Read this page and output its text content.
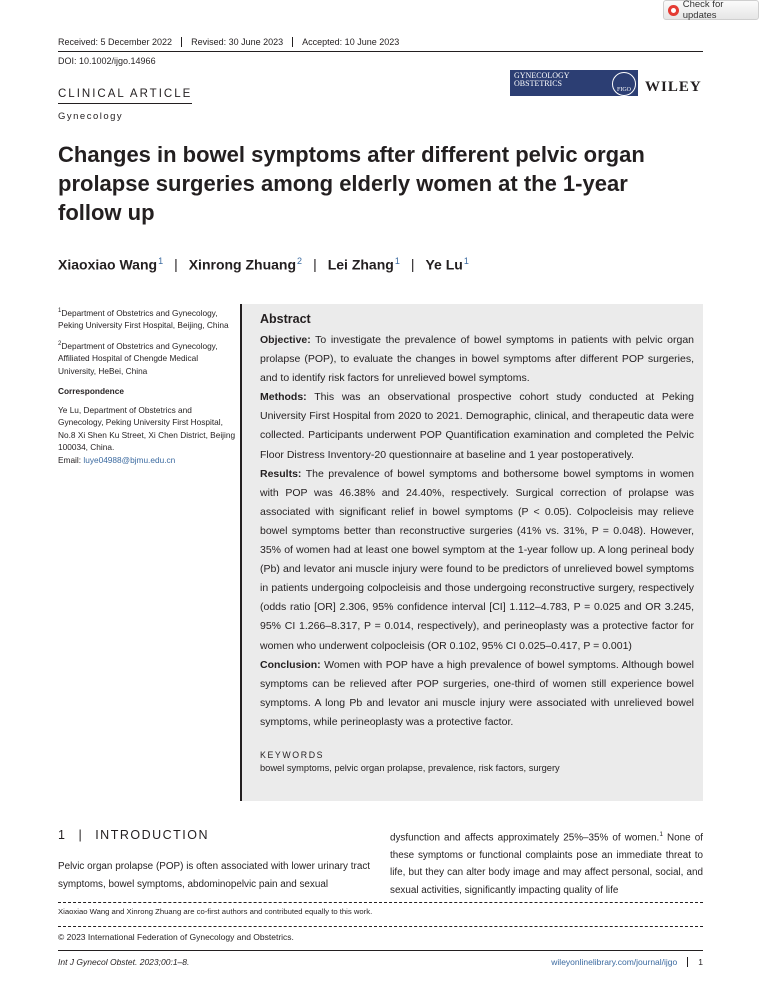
Check for updates
Received: 5 December 2022	Revised: 30 June 2023	Accepted: 10 June 2023
DOI: 10.1002/ijgo.14966
GYNECOLOGY
OBSTETRICS
FIGO WILEY
CLINICAL ARTICLE
Gynecology
Changes in bowel symptoms after different pelvic organ prolapse surgeries among elderly women at the 1-year follow up
Xiaoxiao Wang$^1$ | Xinrong Zhuang$^2$ | Lei Zhang$^1$ | Ye Lu$^1$

$^1$Department of Obstetrics and Gynecology, Peking University First Hospital, Beijing, China

$^2$Department of Obstetrics and Gynecology, Affiliated Hospital of Chengde Medical University, HeBei, China

Correspondence

Ye Lu, Department of Obstetrics and Gynecology, Peking University First Hospital, No.8 Xi Shen Ku Street, Xi Chen District, Beijing 100034, China.
Email: luye04988@bjmu.edu.cn

Abstract

Objective: To investigate the prevalence of bowel symptoms in patients with pelvic organ prolapse (POP), to evaluate the changes in bowel symptoms after different POP surgeries, and to identify risk factors for unrelieved bowel symptoms.

Methods: This was an observational prospective cohort study conducted at Peking University First Hospital from 2020 to 2021. Demographic, clinical, and therapeutic data were collected. Participants underwent POP Quantification examination and completed the Pelvic Floor Distress Inventory-20 questionnaire at baseline and 1 year postoperatively.

Results: The prevalence of bowel symptoms and bothersome bowel symptoms in women with POP was 46.38% and 24.40%, respectively. Surgical correction of prolapse was associated with significant relief in bowel symptoms (P < 0.05). Colpocleisis may relieve bowel symptoms better than reconstructive surgeries (41% vs. 31%, P = 0.048). However, 35% of women had at least one bowel symptom at the 1-year follow up. A long perineal body (Pb) and levator ani muscle injury were found to be predictors of unrelieved bowel symptoms in patients undergoing colpocleisis and those undergoing reconstructive surgery, respectively (odds ratio [OR] 2.306, 95% confidence interval [CI] 1.112–4.783, P = 0.025 and OR 3.245, 95% CI 1.266–8.317, P = 0.014, respectively), and perineoplasty was a protective factor for women who underwent colpocleisis (OR 0.102, 95% CI 0.025–0.417, P = 0.001)

Conclusion: Women with POP have a high prevalence of bowel symptoms. Although bowel symptoms can be relieved after POP surgeries, one-third of women still experience bowel symptoms. A long Pb and levator ani muscle injury were associated with unrelieved bowel symptoms, while perineoplasty was a protective factor.

KEYWORDS
bowel symptoms, pelvic organ prolapse, prevalence, risk factors, surgery
1 | INTRODUCTION

Pelvic organ prolapse (POP) is often associated with lower urinary tract symptoms, bowel symptoms, abdominopelvic pain and sexual

dysfunction and affects approximately 25%–35% of women.$^1$ None of these symptoms or functional complaints pose an immediate threat to life, but they can alter body image and may affect personal, social, and sexual activities, significantly impacting quality of life

Xiaoxiao Wang and Xinrong Zhuang are co-first authors and contributed equally to this work.
© 2023 International Federation of Gynecology and Obstetrics.
Int J Gynecol Obstet. 2023;00:1–8.	wileyonlinelibrary.com/journal/ijgo	1
